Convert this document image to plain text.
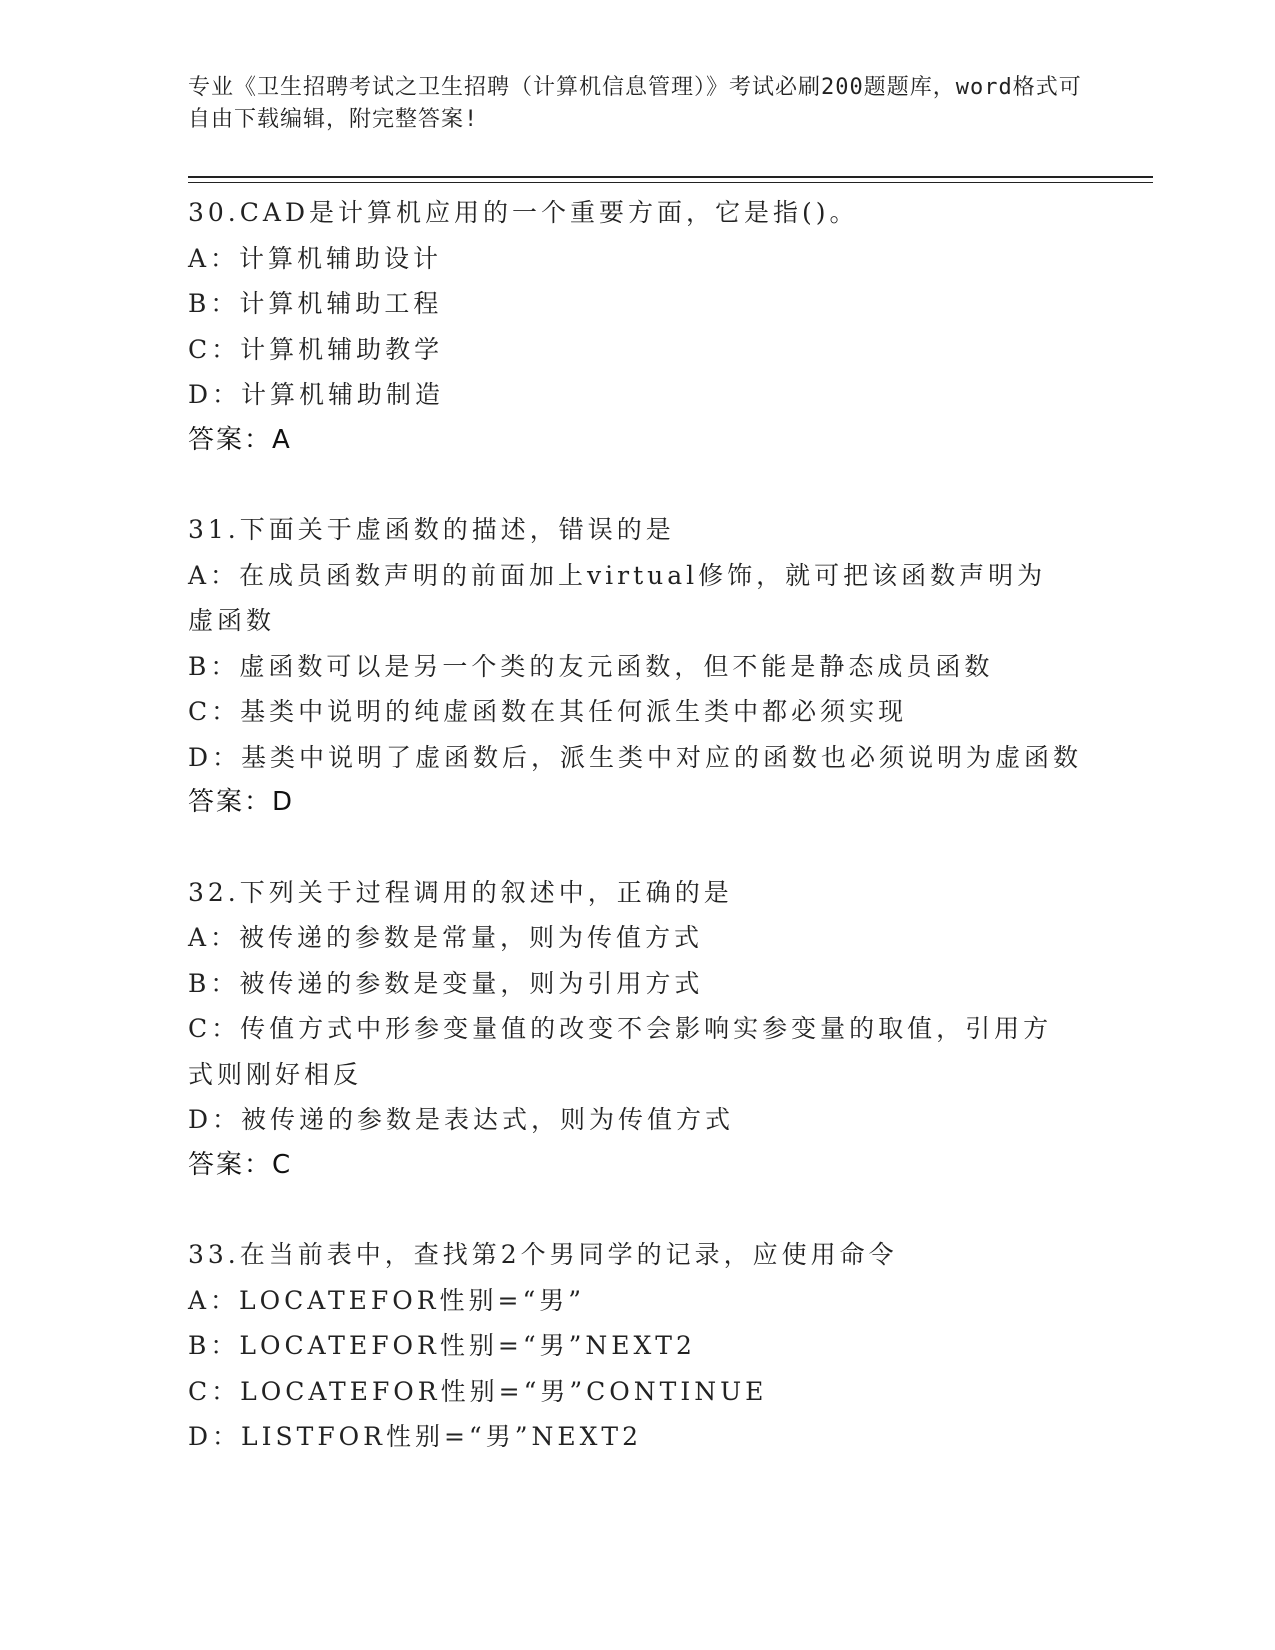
专业《卫生招聘考试之卫生招聘（计算机信息管理）》考试必刷200题题库，word格式可自由下载编辑，附完整答案!
30.CAD是计算机应用的一个重要方面，它是指()。
A：计算机辅助设计
B：计算机辅助工程
C：计算机辅助教学
D：计算机辅助制造
答案：A
31.下面关于虚函数的描述，错误的是
A：在成员函数声明的前面加上virtual修饰，就可把该函数声明为虚函数
B：虚函数可以是另一个类的友元函数，但不能是静态成员函数
C：基类中说明的纯虚函数在其任何派生类中都必须实现
D：基类中说明了虚函数后，派生类中对应的函数也必须说明为虚函数
答案：D
32.下列关于过程调用的叙述中，正确的是
A：被传递的参数是常量，则为传值方式
B：被传递的参数是变量，则为引用方式
C：传值方式中形参变量值的改变不会影响实参变量的取值，引用方式则刚好相反
D：被传递的参数是表达式，则为传值方式
答案：C
33.在当前表中，查找第2个男同学的记录，应使用命令
A：LOCATEFOR性别=“男”
B：LOCATEFOR性别=“男”NEXT2
C：LOCATEFOR性别=“男”CONTINUE
D：LISTFOR性别=“男”NEXT2
